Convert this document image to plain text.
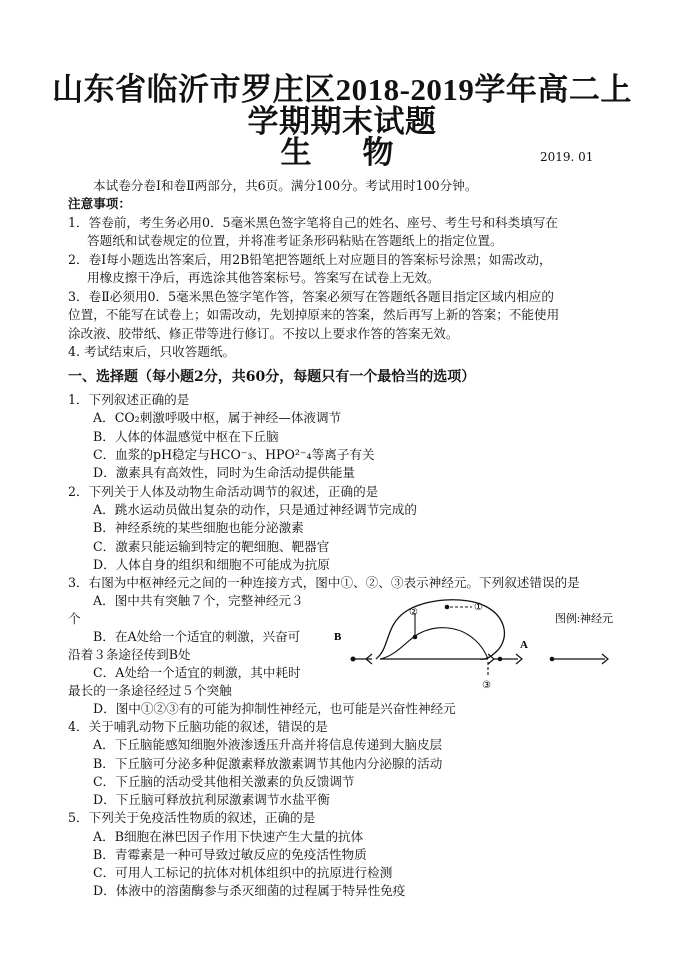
山东省临沂市罗庄区2018-2019学年高二上
学期期末试题
生　物	2019. 01
本试卷分卷Ⅰ和卷Ⅱ两部分，共6页。满分100分。考试用时100分钟。
注意事项：
1．答卷前，考生务必用0．5毫米黑色签字笔将自己的姓名、座号、考生号和科类填写在
答题纸和试卷规定的位置，并将准考证条形码粘贴在答题纸上的指定位置。
2．卷Ⅰ每小题选出答案后，用2B铅笔把答题纸上对应题目的答案标号涂黑；如需改动，
用橡皮擦干净后，再选涂其他答案标号。答案写在试卷上无效。
3．卷Ⅱ必须用0．5毫米黑色签字笔作答，答案必须写在答题纸各题目指定区域内相应的
位置，不能写在试卷上；如需改动，先划掉原来的答案，然后再写上新的答案；不能使用
涂改液、胶带纸、修正带等进行修订。不按以上要求作答的答案无效。
4. 考试结束后，只收答题纸。
一、选择题（每小题2分，共60分，每题只有一个最恰当的选项）
1．下列叙述正确的是
A．CO₂刺激呼吸中枢，属于神经—体液调节
B．人体的体温感觉中枢在下丘脑
C．血浆的pH稳定与HCO⁻₃、HPO²⁻₄等离子有关
D．激素具有高效性，同时为生命活动提供能量
2．下列关于人体及动物生命活动调节的叙述，正确的是
A．跳水运动员做出复杂的动作，只是通过神经调节完成的
B．神经系统的某些细胞也能分泌激素
C．激素只能运输到特定的靶细胞、靶器官
D．人体自身的组织和细胞不可能成为抗原
3．右图为中枢神经元之间的一种连接方式，图中①、②、③表示神经元。下列叙述错误的是
A．图中共有突触７个，完整神经元３
个
B．在A处给一个适宜的刺激，兴奋可
沿着３条途径传到B处
C．A处给一个适宜的刺激，其中耗时
最长的一条途径经过５个突触
D．图中①②③有的可能为抑制性神经元，也可能是兴奋性神经元
B
A
②	①
③
图例:神经元
4．关于哺乳动物下丘脑功能的叙述，错误的是
A．下丘脑能感知细胞外液渗透压升高并将信息传递到大脑皮层
B．下丘脑可分泌多种促激素释放激素调节其他内分泌腺的活动
C．下丘脑的活动受其他相关激素的负反馈调节
D．下丘脑可释放抗利尿激素调节水盐平衡
5．下列关于免疫活性物质的叙述，正确的是
A．B细胞在淋巴因子作用下快速产生大量的抗体
B．青霉素是一种可导致过敏反应的免疫活性物质
C．可用人工标记的抗体对机体组织中的抗原进行检测
D．体液中的溶菌酶参与杀灭细菌的过程属于特异性免疫
